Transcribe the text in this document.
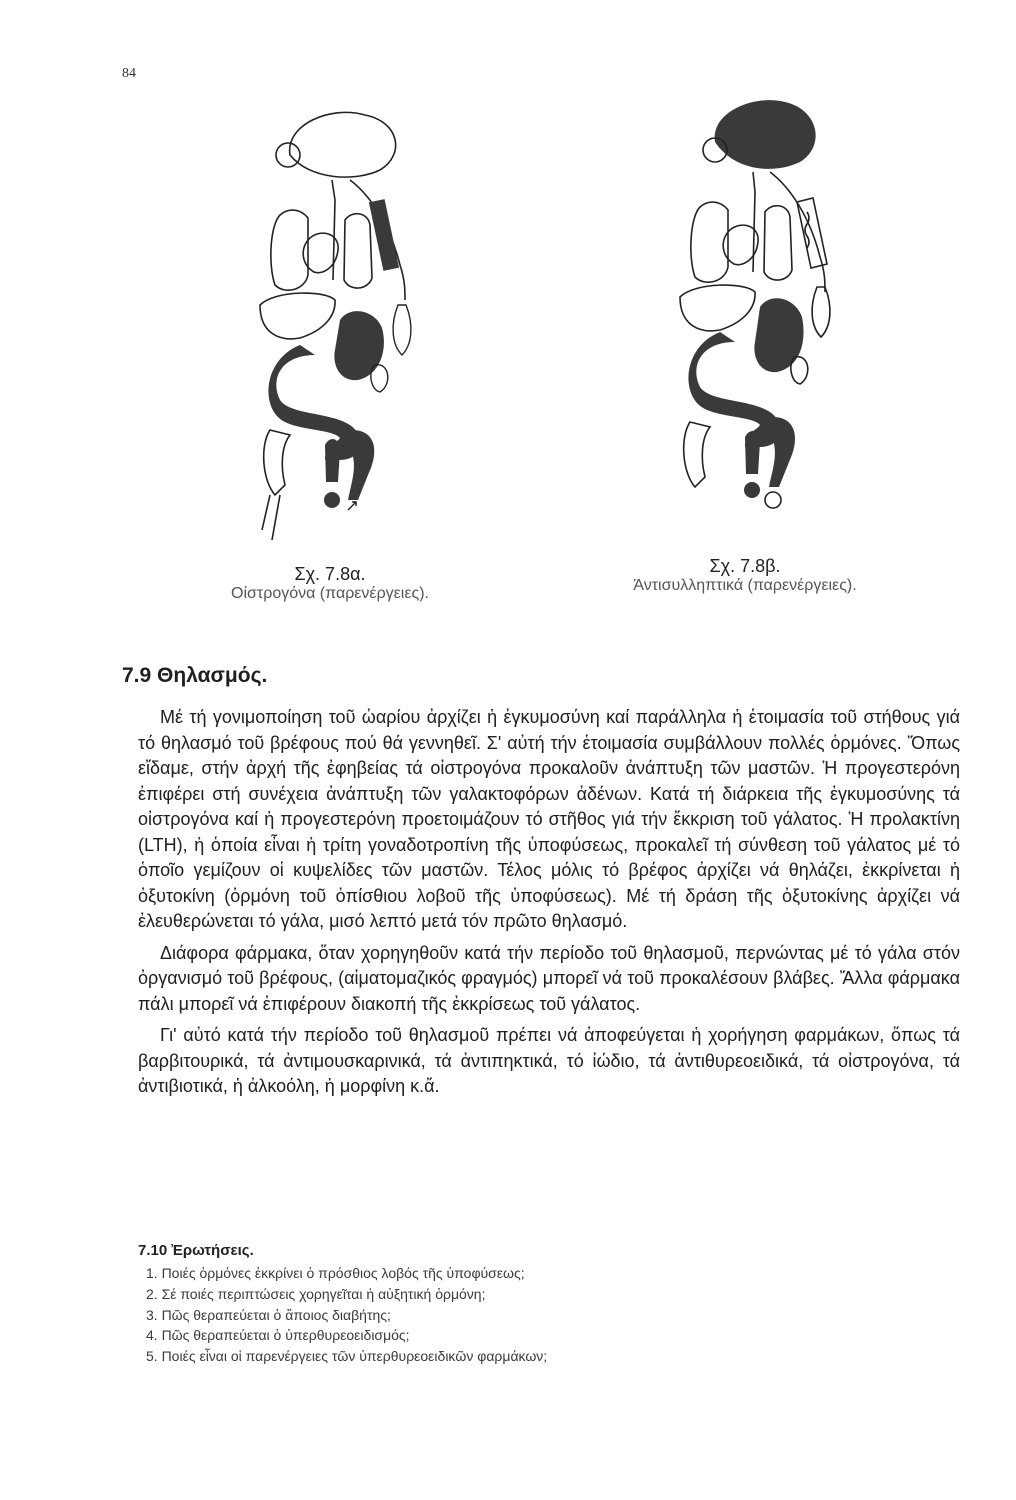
84
Σχ. 7.8α.
Οίστρογόνα (παρενέργειες).
Σχ. 7.8β.
Άντισυλληπτικά (παρενέργειες).
7.9 Θηλασμός.

Μέ τή γονιμοποίηση τοῦ ὠαρίου ἀρχίζει ἡ ἐγκυμοσύνη καί παράλληλα ἡ ἑτοιμασία τοῦ στήθους γιά τό θηλασμό τοῦ βρέφους πού θά γεννηθεῖ. Σ' αὐτή τήν ἑτοιμασία συμβάλλουν πολλές ὁρμόνες. Ὅπως εἴδαμε, στήν ἀρχή τῆς ἐφηβείας τά οἰστρογόνα προκαλοῦν ἀνάπτυξη τῶν μαστῶν. Ἡ προγεστερόνη ἐπιφέρει στή συνέχεια ἀνάπτυξη τῶν γαλακτοφόρων ἀδένων. Κατά τή διάρκεια τῆς ἐγκυμοσύνης τά οἰστρογόνα καί ἡ προγεστερόνη προετοιμάζουν τό στῆθος γιά τήν ἔκκριση τοῦ γάλατος. Ἡ προλακτίνη (LTH), ἡ ὁποία εἶναι ἡ τρίτη γοναδοτροπίνη τῆς ὑποφύσεως, προκαλεῖ τή σύνθεση τοῦ γάλατος μέ τό ὁποῖο γεμίζουν οἱ κυψελίδες τῶν μαστῶν. Τέλος μόλις τό βρέφος ἀρχίζει νά θηλάζει, ἐκκρίνεται ἡ ὀξυτοκίνη (ὁρμόνη τοῦ ὀπίσθιου λοβοῦ τῆς ὑποφύσεως). Μέ τή δράση τῆς ὀξυτοκίνης ἀρχίζει νά ἐλευθερώνεται τό γάλα, μισό λεπτό μετά τόν πρῶτο θηλασμό.

Διάφορα φάρμακα, ὅταν χορηγηθοῦν κατά τήν περίοδο τοῦ θηλασμοῦ, περνώντας μέ τό γάλα στόν ὀργανισμό τοῦ βρέφους, (αἱματομαζικός φραγμός) μπορεῖ νά τοῦ προκαλέσουν βλάβες. Ἄλλα φάρμακα πάλι μπορεῖ νά ἐπιφέρουν διακοπή τῆς ἐκκρίσεως τοῦ γάλατος.

Γι' αὐτό κατά τήν περίοδο τοῦ θηλασμοῦ πρέπει νά ἀποφεύγεται ἡ χορήγηση φαρμάκων, ὅπως τά βαρβιτουρικά, τά ἀντιμουσκαρινικά, τά ἀντιπηκτικά, τό ἰώδιο, τά ἀντιθυρεοειδικά, τά οἰστρογόνα, τά ἀντιβιοτικά, ἡ ἀλκοόλη, ἡ μορφίνη κ.ἄ.

7.10 Ἐρωτήσεις.
1. Ποιές ὁρμόνες ἐκκρίνει ὁ πρόσθιος λοβός τῆς ὑποφύσεως;
2. Σέ ποιές περιπτώσεις χορηγεῖται ἡ αὐξητική ὁρμόνη;
3. Πῶς θεραπεύεται ὁ ἄποιος διαβήτης;
4. Πῶς θεραπεύεται ὁ ὑπερθυρεοειδισμός;
5. Ποιές εἶναι οἱ παρενέργειες τῶν ὑπερθυρεοειδικῶν φαρμάκων;
